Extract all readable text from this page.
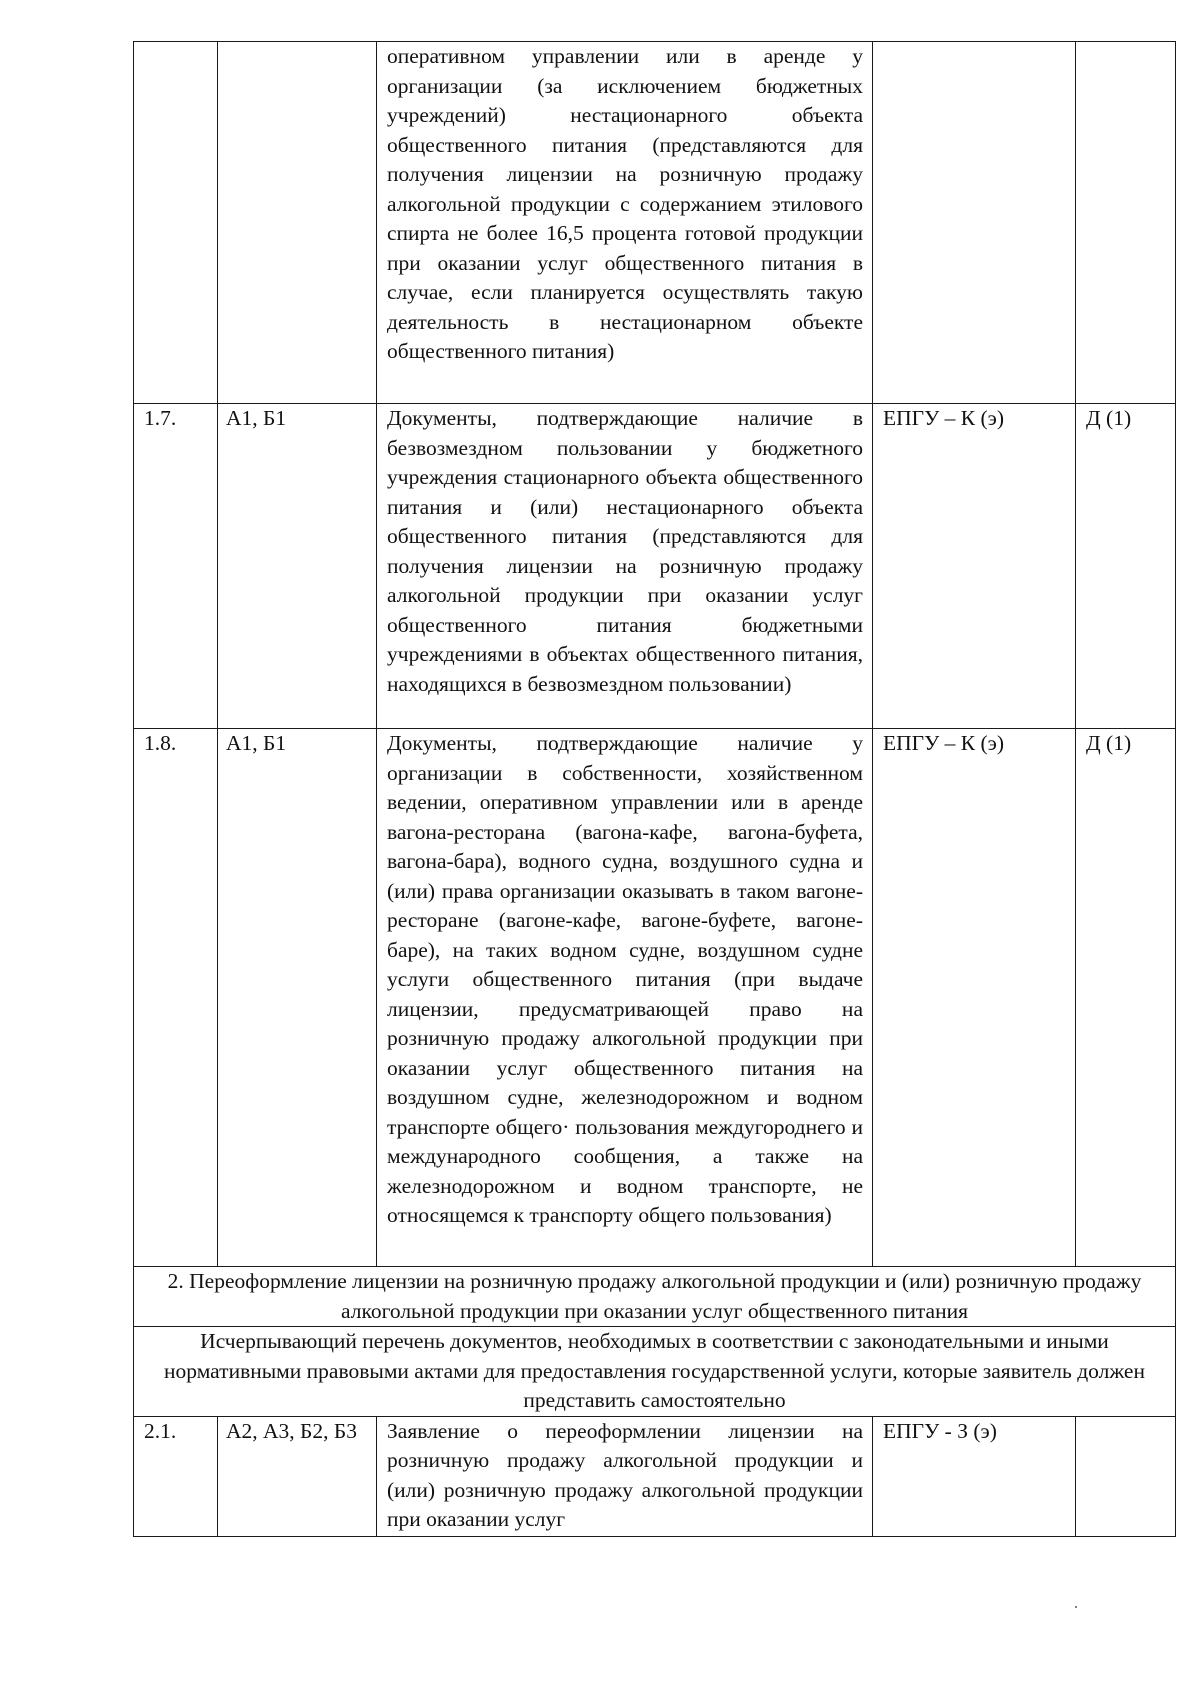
		оперативном управлении или в аренде у организации (за исключением бюджетных учреждений) нестационарного объекта общественного питания (представляются для получения лицензии на розничную продажу алкогольной продукции с содержанием этилового спирта не более 16,5 процента готовой продукции при оказании услуг общественного питания в случае, если планируется осуществлять такую деятельность в нестационарном объекте общественного питания)		
1.7.	А1, Б1	Документы, подтверждающие наличие в безвозмездном пользовании у бюджетного учреждения стационарного объекта общественного питания и (или) нестационарного объекта общественного питания (представляются для получения лицензии на розничную продажу алкогольной продукции при оказании услуг общественного питания бюджетными учреждениями в объектах общественного питания, находящихся в безвозмездном пользовании)	ЕПГУ – К (э)	Д (1)
1.8.	А1, Б1	Документы, подтверждающие наличие у организации в собственности, хозяйственном ведении, оперативном управлении или в аренде вагона-ресторана (вагона-кафе, вагона-буфета, вагона-бара), водного судна, воздушного судна и (или) права организации оказывать в таком вагоне-ресторане (вагоне-кафе, вагоне-буфете, вагоне-баре), на таких водном судне, воздушном судне услуги общественного питания (при выдаче лицензии, предусматривающей право на розничную продажу алкогольной продукции при оказании услуг общественного питания на воздушном судне, железнодорожном и водном транспорте общего· пользования междугороднего и международного сообщения, а также на железнодорожном и водном транспорте, не относящемся к транспорту общего пользования)	ЕПГУ – К (э)	Д (1)
2. Переоформление лицензии на розничную продажу алкогольной продукции и (или) розничную продажу алкогольной продукции при оказании услуг общественного питания				
Исчерпывающий перечень документов, необходимых в соответствии с законодательными и иными нормативными правовыми актами для предоставления государственной услуги, которые заявитель должен представить самостоятельно				
2.1.	А2, А3, Б2, Б3	Заявление о переоформлении лицензии на розничную продажу алкогольной продукции и (или) розничную продажу алкогольной продукции при оказании услуг	ЕПГУ - З (э)	
